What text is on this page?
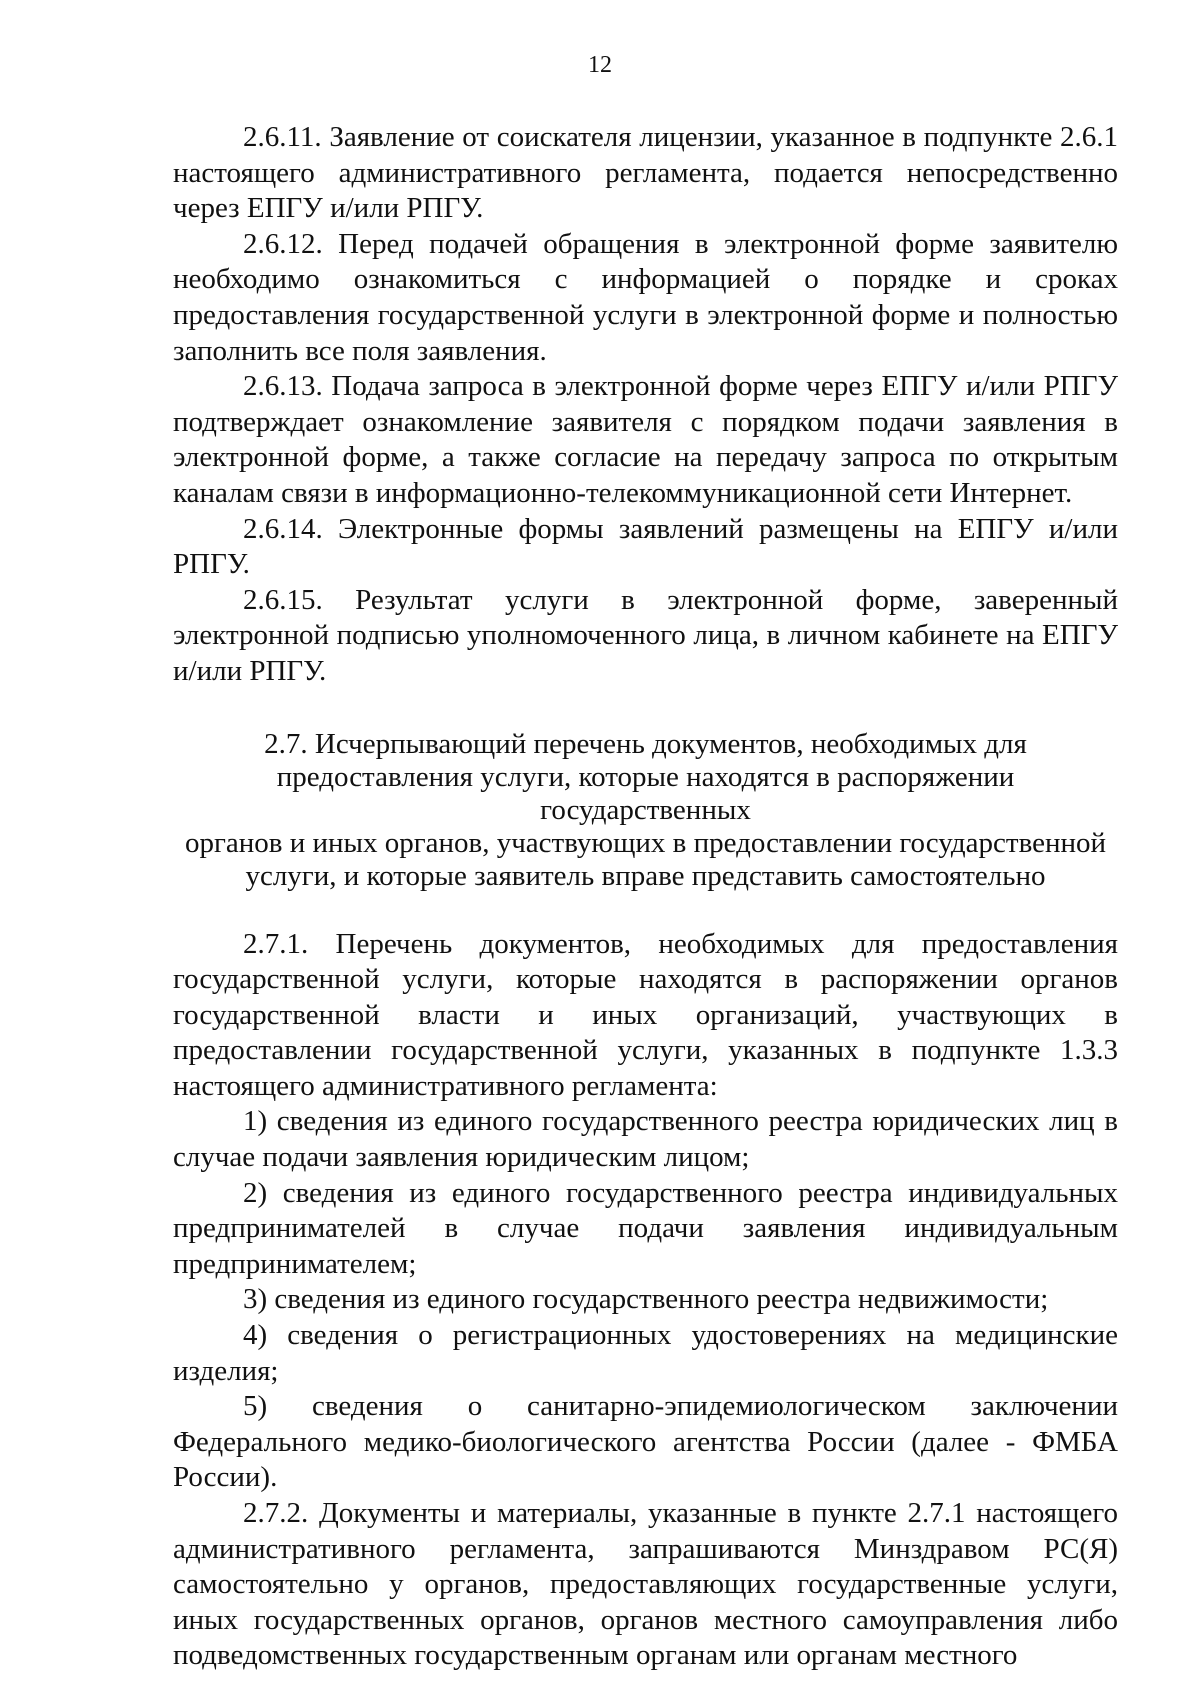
12

2.6.11. Заявление от соискателя лицензии, указанное в подпункте 2.6.1 настоящего административного регламента, подается непосредственно через ЕПГУ и/или РПГУ.

2.6.12. Перед подачей обращения в электронной форме заявителю необходимо ознакомиться с информацией о порядке и сроках предоставления государственной услуги в электронной форме и полностью заполнить все поля заявления.

2.6.13. Подача запроса в электронной форме через ЕПГУ и/или РПГУ подтверждает ознакомление заявителя с порядком подачи заявления в электронной форме, а также согласие на передачу запроса по открытым каналам связи в информационно-телекоммуникационной сети Интернет.

2.6.14. Электронные формы заявлений размещены на ЕПГУ и/или РПГУ.

2.6.15. Результат услуги в электронной форме, заверенный электронной подписью уполномоченного лица, в личном кабинете на ЕПГУ и/или РПГУ.

2.7. Исчерпывающий перечень документов, необходимых для
предоставления услуги, которые находятся в распоряжении государственных
органов и иных органов, участвующих в предоставлении государственной
услуги, и которые заявитель вправе представить самостоятельно

2.7.1. Перечень документов, необходимых для предоставления государственной услуги, которые находятся в распоряжении органов государственной власти и иных организаций, участвующих в предоставлении государственной услуги, указанных в подпункте 1.3.3 настоящего административного регламента:

1) сведения из единого государственного реестра юридических лиц в случае подачи заявления юридическим лицом;

2) сведения из единого государственного реестра индивидуальных предпринимателей в случае подачи заявления индивидуальным предпринимателем;

3) сведения из единого государственного реестра недвижимости;

4) сведения о регистрационных удостоверениях на медицинские изделия;

5) сведения о санитарно-эпидемиологическом заключении Федерального медико-биологического агентства России (далее - ФМБА России).

2.7.2. Документы и материалы, указанные в пункте 2.7.1 настоящего административного регламента, запрашиваются Минздравом РС(Я) самостоятельно у органов, предоставляющих государственные услуги, иных государственных органов, органов местного самоуправления либо подведомственных государственным органам или органам местного
